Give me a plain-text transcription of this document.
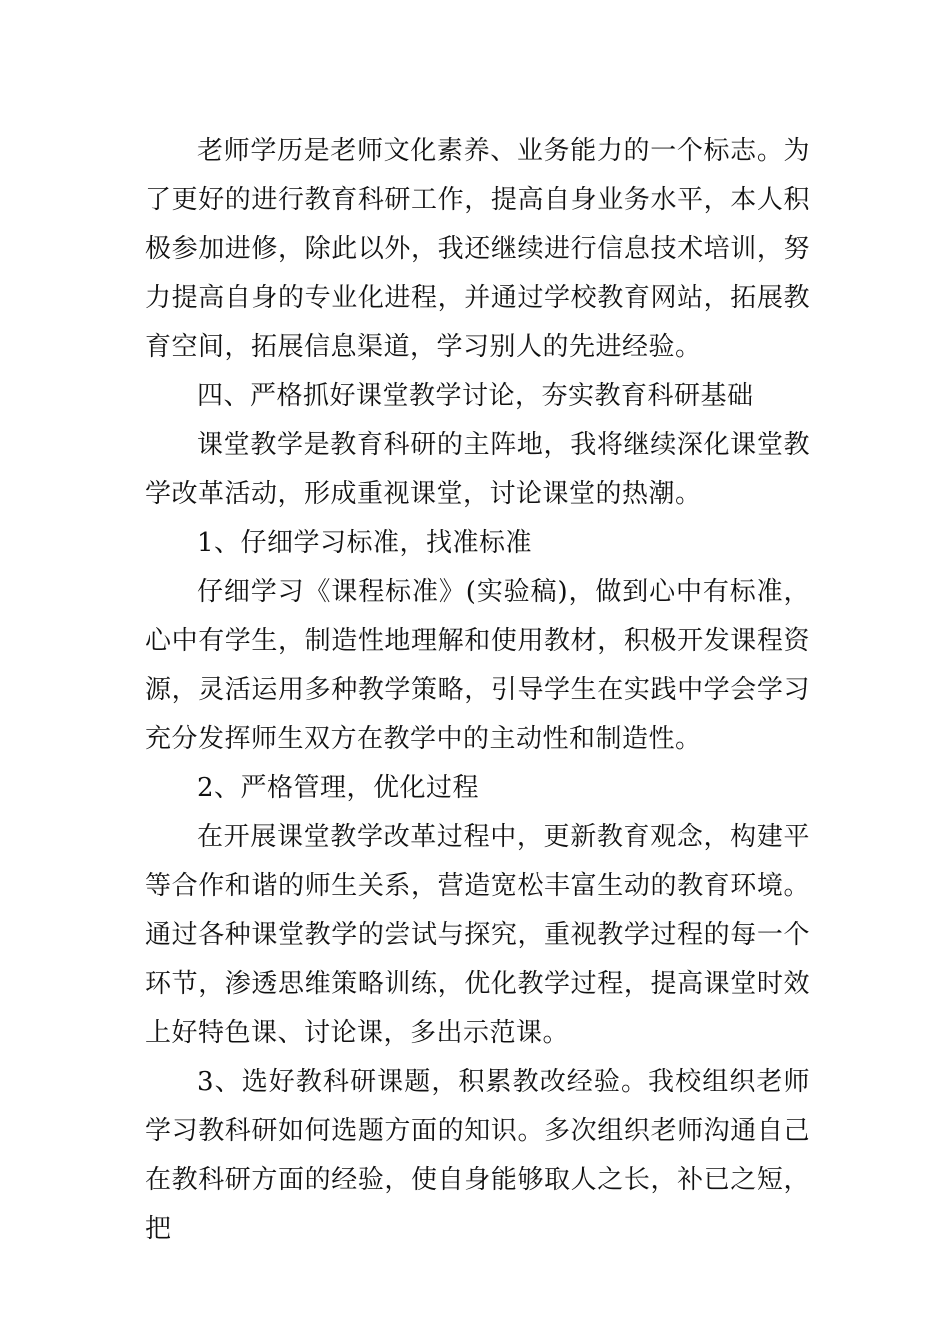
老师学历是老师文化素养、业务能力的一个标志。为了更好的进行教育科研工作，提高自身业务水平，本人积极参加进修，除此以外，我还继续进行信息技术培训，努力提高自身的专业化进程，并通过学校教育网站，拓展教育空间，拓展信息渠道，学习别人的先进经验。

四、严格抓好课堂教学讨论，夯实教育科研基础

课堂教学是教育科研的主阵地，我将继续深化课堂教学改革活动，形成重视课堂，讨论课堂的热潮。

1、仔细学习标准，找准标准

仔细学习《课程标准》(实验稿)，做到心中有标准，心中有学生，制造性地理解和使用教材，积极开发课程资源，灵活运用多种教学策略，引导学生在实践中学会学习充分发挥师生双方在教学中的主动性和制造性。

2、严格管理，优化过程

在开展课堂教学改革过程中，更新教育观念，构建平等合作和谐的师生关系，营造宽松丰富生动的教育环境。通过各种课堂教学的尝试与探究，重视教学过程的每一个环节，渗透思维策略训练，优化教学过程，提高课堂时效上好特色课、讨论课，多出示范课。

3、选好教科研课题，积累教改经验。我校组织老师学习教科研如何选题方面的知识。多次组织老师沟通自己在教科研方面的经验，使自身能够取人之长，补已之短，把
